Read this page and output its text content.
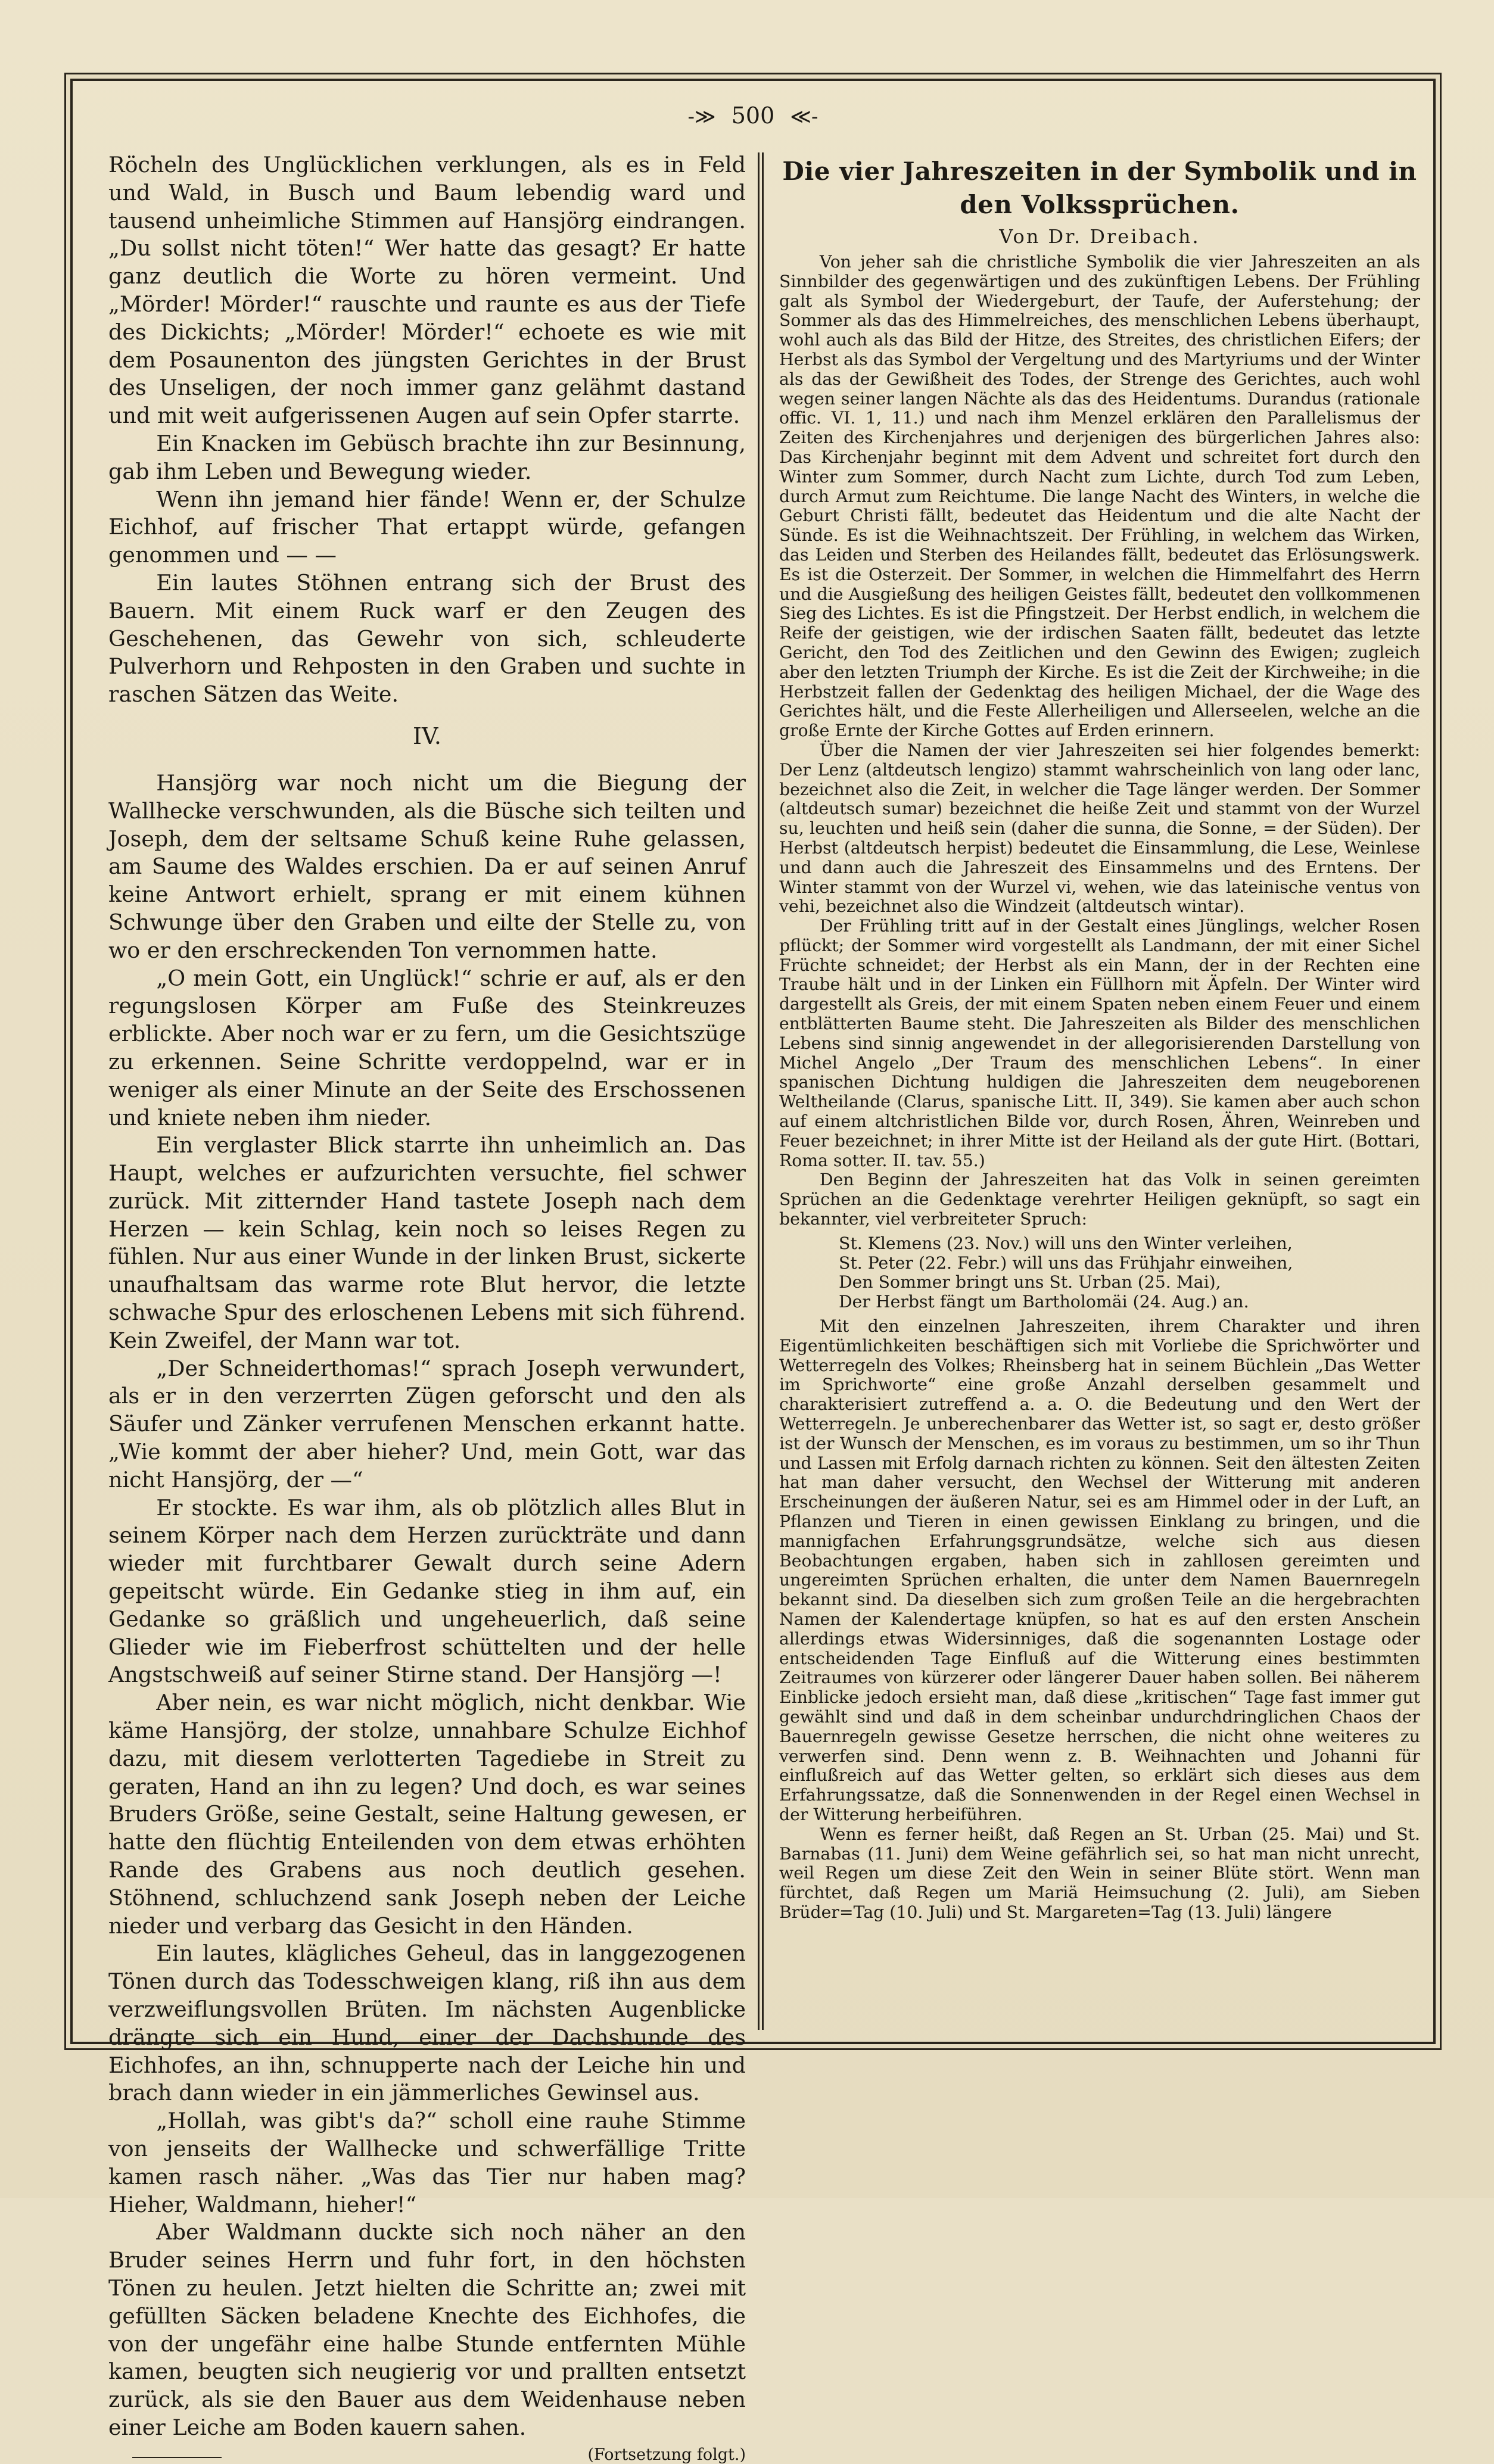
-≫ 500 ≪-

Röcheln des Unglücklichen verklungen, als es in Feld und Wald, in Busch und Baum lebendig ward und tausend unheimliche Stimmen auf Hansjörg eindrangen. „Du sollst nicht töten!“ Wer hatte das gesagt? Er hatte ganz deutlich die Worte zu hören vermeint. Und „Mörder! Mörder!“ rauschte und raunte es aus der Tiefe des Dickichts; „Mörder! Mörder!“ echoete es wie mit dem Posaunenton des jüngsten Gerichtes in der Brust des Unseligen, der noch immer ganz gelähmt dastand und mit weit aufgerissenen Augen auf sein Opfer starrte.

Ein Knacken im Gebüsch brachte ihn zur Besinnung, gab ihm Leben und Bewegung wieder.

Wenn ihn jemand hier fände! Wenn er, der Schulze Eichhof, auf frischer That ertappt würde, gefangen genommen und — —

Ein lautes Stöhnen entrang sich der Brust des Bauern. Mit einem Ruck warf er den Zeugen des Geschehenen, das Gewehr von sich, schleuderte Pulverhorn und Rehposten in den Graben und suchte in raschen Sätzen das Weite.

IV.

Hansjörg war noch nicht um die Biegung der Wallhecke verschwunden, als die Büsche sich teilten und Joseph, dem der seltsame Schuß keine Ruhe gelassen, am Saume des Waldes erschien. Da er auf seinen Anruf keine Antwort erhielt, sprang er mit einem kühnen Schwunge über den Graben und eilte der Stelle zu, von wo er den erschreckenden Ton vernommen hatte.

„O mein Gott, ein Unglück!“ schrie er auf, als er den regungslosen Körper am Fuße des Steinkreuzes erblickte. Aber noch war er zu fern, um die Gesichtszüge zu erkennen. Seine Schritte verdoppelnd, war er in weniger als einer Minute an der Seite des Erschossenen und kniete neben ihm nieder.

Ein verglaster Blick starrte ihn unheimlich an. Das Haupt, welches er aufzurichten versuchte, fiel schwer zurück. Mit zitternder Hand tastete Joseph nach dem Herzen — kein Schlag, kein noch so leises Regen zu fühlen. Nur aus einer Wunde in der linken Brust, sickerte unaufhaltsam das warme rote Blut hervor, die letzte schwache Spur des erloschenen Lebens mit sich führend. Kein Zweifel, der Mann war tot.

„Der Schneiderthomas!“ sprach Joseph verwundert, als er in den verzerrten Zügen geforscht und den als Säufer und Zänker verrufenen Menschen erkannt hatte. „Wie kommt der aber hieher? Und, mein Gott, war das nicht Hansjörg, der —“

Er stockte. Es war ihm, als ob plötzlich alles Blut in seinem Körper nach dem Herzen zurückträte und dann wieder mit furchtbarer Gewalt durch seine Adern gepeitscht würde. Ein Gedanke stieg in ihm auf, ein Gedanke so gräßlich und ungeheuerlich, daß seine Glieder wie im Fieberfrost schüttelten und der helle Angstschweiß auf seiner Stirne stand. Der Hansjörg —!

Aber nein, es war nicht möglich, nicht denkbar. Wie käme Hansjörg, der stolze, unnahbare Schulze Eichhof dazu, mit diesem verlotterten Tagediebe in Streit zu geraten, Hand an ihn zu legen? Und doch, es war seines Bruders Größe, seine Gestalt, seine Haltung gewesen, er hatte den flüchtig Enteilenden von dem etwas erhöhten Rande des Grabens aus noch deutlich gesehen. Stöhnend, schluchzend sank Joseph neben der Leiche nieder und verbarg das Gesicht in den Händen.

Ein lautes, klägliches Geheul, das in langgezogenen Tönen durch das Todesschweigen klang, riß ihn aus dem verzweiflungsvollen Brüten. Im nächsten Augenblicke drängte sich ein Hund, einer der Dachshunde des Eichhofes, an ihn, schnupperte nach der Leiche hin und brach dann wieder in ein jämmerliches Gewinsel aus.

„Hollah, was gibt's da?“ scholl eine rauhe Stimme von jenseits der Wallhecke und schwerfällige Tritte kamen rasch näher. „Was das Tier nur haben mag? Hieher, Waldmann, hieher!“

Aber Waldmann duckte sich noch näher an den Bruder seines Herrn und fuhr fort, in den höchsten Tönen zu heulen. Jetzt hielten die Schritte an; zwei mit gefüllten Säcken beladene Knechte des Eichhofes, die von der ungefähr eine halbe Stunde entfernten Mühle kamen, beugten sich neugierig vor und prallten entsetzt zurück, als sie den Bauer aus dem Weidenhause neben einer Leiche am Boden kauern sahen.

(Fortsetzung folgt.)
Die vier Jahreszeiten in der Symbolik und in den Volkssprüchen.
Von Dr. Dreibach.

Von jeher sah die christliche Symbolik die vier Jahreszeiten an als Sinnbilder des gegenwärtigen und des zukünftigen Lebens. Der Frühling galt als Symbol der Wiedergeburt, der Taufe, der Auferstehung; der Sommer als das des Himmelreiches, des menschlichen Lebens überhaupt, wohl auch als das Bild der Hitze, des Streites, des christlichen Eifers; der Herbst als das Symbol der Vergeltung und des Martyriums und der Winter als das der Gewißheit des Todes, der Strenge des Gerichtes, auch wohl wegen seiner langen Nächte als das des Heidentums. Durandus (rationale offic. VI. 1, 11.) und nach ihm Menzel erklären den Parallelismus der Zeiten des Kirchenjahres und derjenigen des bürgerlichen Jahres also: Das Kirchenjahr beginnt mit dem Advent und schreitet fort durch den Winter zum Sommer, durch Nacht zum Lichte, durch Tod zum Leben, durch Armut zum Reichtume. Die lange Nacht des Winters, in welche die Geburt Christi fällt, bedeutet das Heidentum und die alte Nacht der Sünde. Es ist die Weihnachtszeit. Der Frühling, in welchem das Wirken, das Leiden und Sterben des Heilandes fällt, bedeutet das Erlösungswerk. Es ist die Osterzeit. Der Sommer, in welchen die Himmelfahrt des Herrn und die Ausgießung des heiligen Geistes fällt, bedeutet den vollkommenen Sieg des Lichtes. Es ist die Pfingstzeit. Der Herbst endlich, in welchem die Reife der geistigen, wie der irdischen Saaten fällt, bedeutet das letzte Gericht, den Tod des Zeitlichen und den Gewinn des Ewigen; zugleich aber den letzten Triumph der Kirche. Es ist die Zeit der Kirchweihe; in die Herbstzeit fallen der Gedenktag des heiligen Michael, der die Wage des Gerichtes hält, und die Feste Allerheiligen und Allerseelen, welche an die große Ernte der Kirche Gottes auf Erden erinnern.

Über die Namen der vier Jahreszeiten sei hier folgendes bemerkt: Der Lenz (altdeutsch lengizo) stammt wahrscheinlich von lang oder lanc, bezeichnet also die Zeit, in welcher die Tage länger werden. Der Sommer (altdeutsch sumar) bezeichnet die heiße Zeit und stammt von der Wurzel su, leuchten und heiß sein (daher die sunna, die Sonne, = der Süden). Der Herbst (altdeutsch herpist) bedeutet die Einsammlung, die Lese, Weinlese und dann auch die Jahreszeit des Einsammelns und des Erntens. Der Winter stammt von der Wurzel vi, wehen, wie das lateinische ventus von vehi, bezeichnet also die Windzeit (altdeutsch wintar).

Der Frühling tritt auf in der Gestalt eines Jünglings, welcher Rosen pflückt; der Sommer wird vorgestellt als Landmann, der mit einer Sichel Früchte schneidet; der Herbst als ein Mann, der in der Rechten eine Traube hält und in der Linken ein Füllhorn mit Äpfeln. Der Winter wird dargestellt als Greis, der mit einem Spaten neben einem Feuer und einem entblätterten Baume steht. Die Jahreszeiten als Bilder des menschlichen Lebens sind sinnig angewendet in der allegorisierenden Darstellung von Michel Angelo „Der Traum des menschlichen Lebens“. In einer spanischen Dichtung huldigen die Jahreszeiten dem neugeborenen Weltheilande (Clarus, spanische Litt. II, 349). Sie kamen aber auch schon auf einem altchristlichen Bilde vor, durch Rosen, Ähren, Weinreben und Feuer bezeichnet; in ihrer Mitte ist der Heiland als der gute Hirt. (Bottari, Roma sotter. II. tav. 55.)

Den Beginn der Jahreszeiten hat das Volk in seinen gereimten Sprüchen an die Gedenktage verehrter Heiligen geknüpft, so sagt ein bekannter, viel verbreiteter Spruch:

St. Klemens (23. Nov.) will uns den Winter verleihen,
St. Peter (22. Febr.) will uns das Frühjahr einweihen,
Den Sommer bringt uns St. Urban (25. Mai),
Der Herbst fängt um Bartholomäi (24. Aug.) an.

Mit den einzelnen Jahreszeiten, ihrem Charakter und ihren Eigentümlichkeiten beschäftigen sich mit Vorliebe die Sprichwörter und Wetterregeln des Volkes; Rheinsberg hat in seinem Büchlein „Das Wetter im Sprichworte“ eine große Anzahl derselben gesammelt und charakterisiert zutreffend a. a. O. die Bedeutung und den Wert der Wetterregeln. Je unberechenbarer das Wetter ist, so sagt er, desto größer ist der Wunsch der Menschen, es im voraus zu bestimmen, um so ihr Thun und Lassen mit Erfolg darnach richten zu können. Seit den ältesten Zeiten hat man daher versucht, den Wechsel der Witterung mit anderen Erscheinungen der äußeren Natur, sei es am Himmel oder in der Luft, an Pflanzen und Tieren in einen gewissen Einklang zu bringen, und die mannigfachen Erfahrungsgrundsätze, welche sich aus diesen Beobachtungen ergaben, haben sich in zahllosen gereimten und ungereimten Sprüchen erhalten, die unter dem Namen Bauernregeln bekannt sind. Da dieselben sich zum großen Teile an die hergebrachten Namen der Kalendertage knüpfen, so hat es auf den ersten Anschein allerdings etwas Widersinniges, daß die sogenannten Lostage oder entscheidenden Tage Einfluß auf die Witterung eines bestimmten Zeitraumes von kürzerer oder längerer Dauer haben sollen. Bei näherem Einblicke jedoch ersieht man, daß diese „kritischen“ Tage fast immer gut gewählt sind und daß in dem scheinbar undurchdringlichen Chaos der Bauernregeln gewisse Gesetze herrschen, die nicht ohne weiteres zu verwerfen sind. Denn wenn z. B. Weihnachten und Johanni für einflußreich auf das Wetter gelten, so erklärt sich dieses aus dem Erfahrungssatze, daß die Sonnenwenden in der Regel einen Wechsel in der Witterung herbeiführen.

Wenn es ferner heißt, daß Regen an St. Urban (25. Mai) und St. Barnabas (11. Juni) dem Weine gefährlich sei, so hat man nicht unrecht, weil Regen um diese Zeit den Wein in seiner Blüte stört. Wenn man fürchtet, daß Regen um Mariä Heimsuchung (2. Juli), am Sieben Brüder=Tag (10. Juli) und St. Margareten=Tag (13. Juli) längere
